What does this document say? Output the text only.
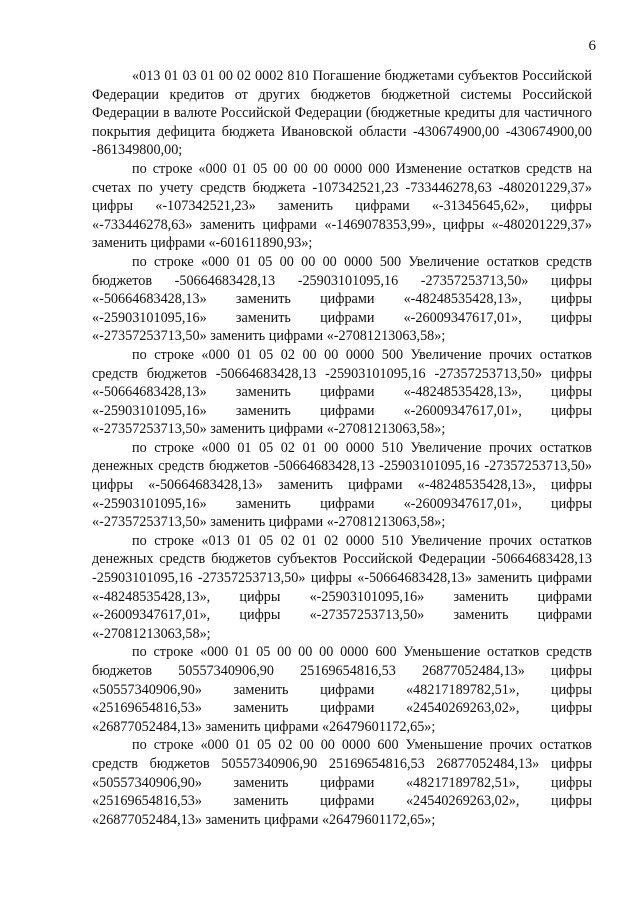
6

«013 01 03 01 00 02 0002 810 Погашение бюджетами субъектов Российской Федерации кредитов от других бюджетов бюджетной системы Российской Федерации в валюте Российской Федерации (бюджетные кредиты для частичного покрытия дефицита бюджета Ивановской области -430674900,00 -430674900,00 -861349800,00;

по строке «000 01 05 00 00 00 0000 000 Изменение остатков средств на счетах по учету средств бюджета -107342521,23 -733446278,63 -480201229,37» цифры «-107342521,23» заменить цифрами «-31345645,62», цифры «-733446278,63» заменить цифрами «-1469078353,99», цифры «-480201229,37» заменить цифрами «-601611890,93»;

по строке «000 01 05 00 00 00 0000 500 Увеличение остатков средств бюджетов -50664683428,13 -25903101095,16 -27357253713,50» цифры «-50664683428,13» заменить цифрами «-48248535428,13», цифры «-25903101095,16» заменить цифрами «-26009347617,01», цифры «-27357253713,50» заменить цифрами «-27081213063,58»;

по строке «000 01 05 02 00 00 0000 500 Увеличение прочих остатков средств бюджетов -50664683428,13 -25903101095,16 -27357253713,50» цифры «-50664683428,13» заменить цифрами «-48248535428,13», цифры «-25903101095,16» заменить цифрами «-26009347617,01», цифры «-27357253713,50» заменить цифрами «-27081213063,58»;

по строке «000 01 05 02 01 00 0000 510 Увеличение прочих остатков денежных средств бюджетов -50664683428,13 -25903101095,16 -27357253713,50» цифры «-50664683428,13» заменить цифрами «-48248535428,13», цифры «-25903101095,16» заменить цифрами «-26009347617,01», цифры «-27357253713,50» заменить цифрами «-27081213063,58»;

по строке «013 01 05 02 01 02 0000 510 Увеличение прочих остатков денежных средств бюджетов субъектов Российской Федерации -50664683428,13 -25903101095,16 -27357253713,50» цифры «-50664683428,13» заменить цифрами «-48248535428,13», цифры «-25903101095,16» заменить цифрами «-26009347617,01», цифры «-27357253713,50» заменить цифрами «-27081213063,58»;

по строке «000 01 05 00 00 00 0000 600 Уменьшение остатков средств бюджетов 50557340906,90 25169654816,53 26877052484,13» цифры «50557340906,90» заменить цифрами «48217189782,51», цифры «25169654816,53» заменить цифрами «24540269263,02», цифры «26877052484,13» заменить цифрами «26479601172,65»;

по строке «000 01 05 02 00 00 0000 600 Уменьшение прочих остатков средств бюджетов 50557340906,90 25169654816,53 26877052484,13» цифры «50557340906,90» заменить цифрами «48217189782,51», цифры «25169654816,53» заменить цифрами «24540269263,02», цифры «26877052484,13» заменить цифрами «26479601172,65»;
